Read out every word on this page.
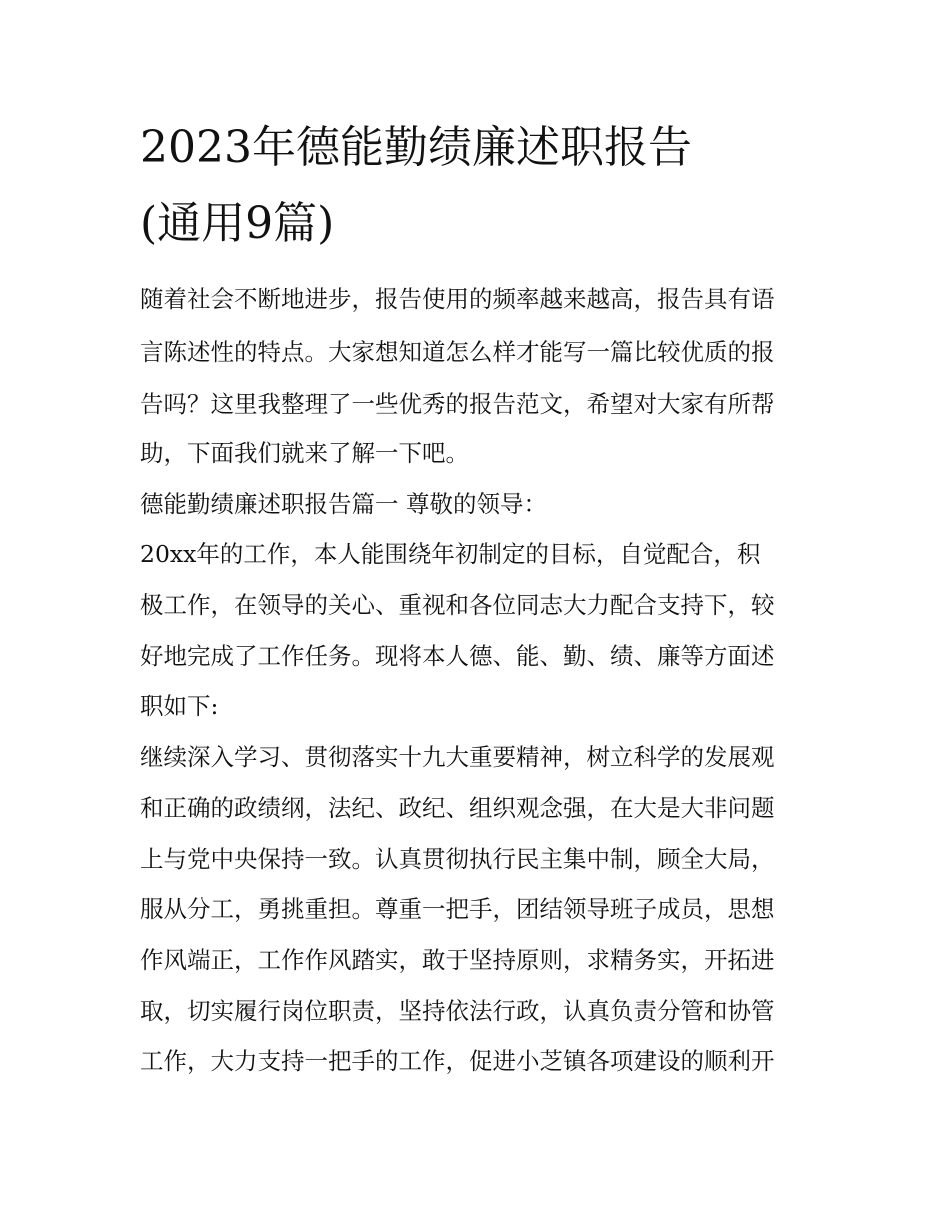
2023年德能勤绩廉述职报告
(通用9篇)
随着社会不断地进步，报告使用的频率越来越高，报告具有语
言陈述性的特点。大家想知道怎么样才能写一篇比较优质的报
告吗？这里我整理了一些优秀的报告范文，希望对大家有所帮
助，下面我们就来了解一下吧。
德能勤绩廉述职报告篇一 尊敬的领导：
20xx年的工作，本人能围绕年初制定的目标，自觉配合，积
极工作，在领导的关心、重视和各位同志大力配合支持下，较
好地完成了工作任务。现将本人德、能、勤、绩、廉等方面述
职如下:
继续深入学习、贯彻落实十九大重要精神，树立科学的发展观
和正确的政绩纲，法纪、政纪、组织观念强，在大是大非问题
上与党中央保持一致。认真贯彻执行民主集中制，顾全大局，
服从分工，勇挑重担。尊重一把手，团结领导班子成员，思想
作风端正，工作作风踏实，敢于坚持原则，求精务实，开拓进
取，切实履行岗位职责，坚持依法行政，认真负责分管和协管
工作，大力支持一把手的工作，促进小芝镇各项建设的顺利开
